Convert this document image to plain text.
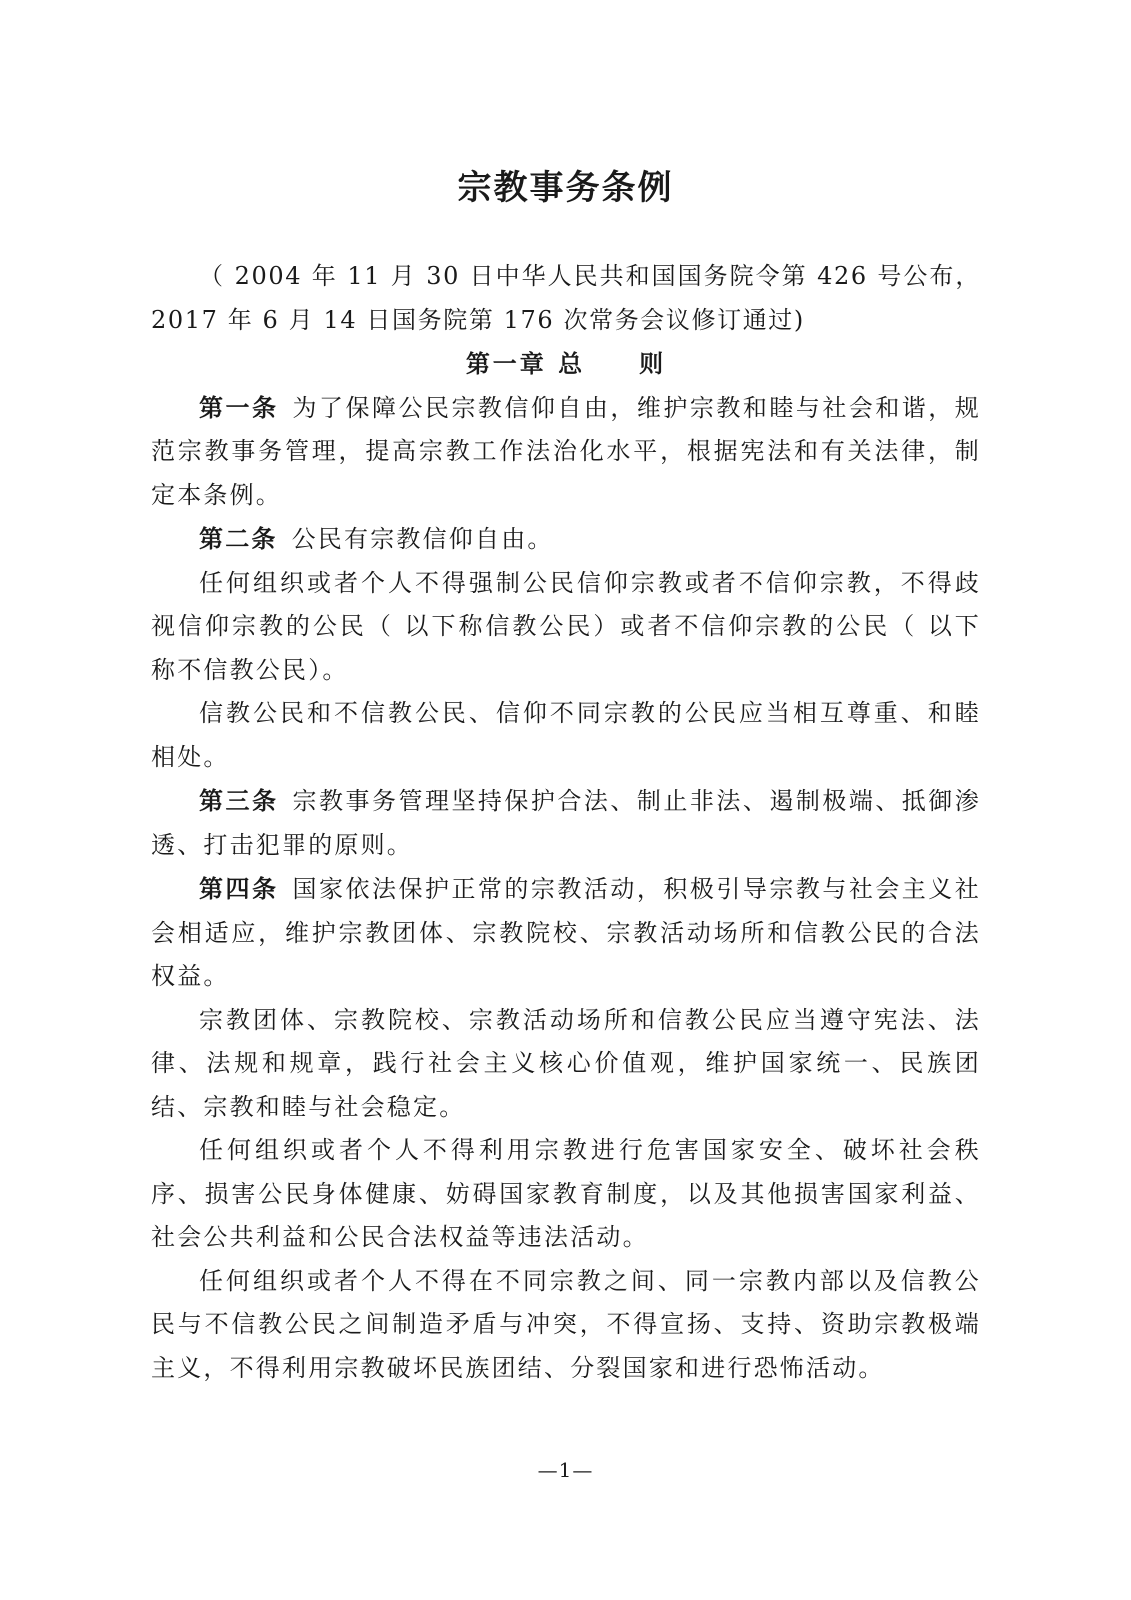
宗教事务条例

（ 2004 年 11 月 30 日中华人民共和国国务院令第 426 号公布，2017 年 6 月 14 日国务院第 176 次常务会议修订通过)

第一章 总　　则

第一条 为了保障公民宗教信仰自由，维护宗教和睦与社会和谐，规范宗教事务管理，提高宗教工作法治化水平，根据宪法和有关法律，制定本条例。

第二条 公民有宗教信仰自由。

任何组织或者个人不得强制公民信仰宗教或者不信仰宗教，不得歧视信仰宗教的公民（ 以下称信教公民）或者不信仰宗教的公民（ 以下称不信教公民）。

信教公民和不信教公民、信仰不同宗教的公民应当相互尊重、和睦相处。

第三条 宗教事务管理坚持保护合法、制止非法、遏制极端、抵御渗透、打击犯罪的原则。

第四条 国家依法保护正常的宗教活动，积极引导宗教与社会主义社会相适应，维护宗教团体、宗教院校、宗教活动场所和信教公民的合法权益。

宗教团体、宗教院校、宗教活动场所和信教公民应当遵守宪法、法律、法规和规章，践行社会主义核心价值观，维护国家统一、民族团结、宗教和睦与社会稳定。

任何组织或者个人不得利用宗教进行危害国家安全、破坏社会秩序、损害公民身体健康、妨碍国家教育制度，以及其他损害国家利益、社会公共利益和公民合法权益等违法活动。

任何组织或者个人不得在不同宗教之间、同一宗教内部以及信教公民与不信教公民之间制造矛盾与冲突，不得宣扬、支持、资助宗教极端主义，不得利用宗教破坏民族团结、分裂国家和进行恐怖活动。

—1—
